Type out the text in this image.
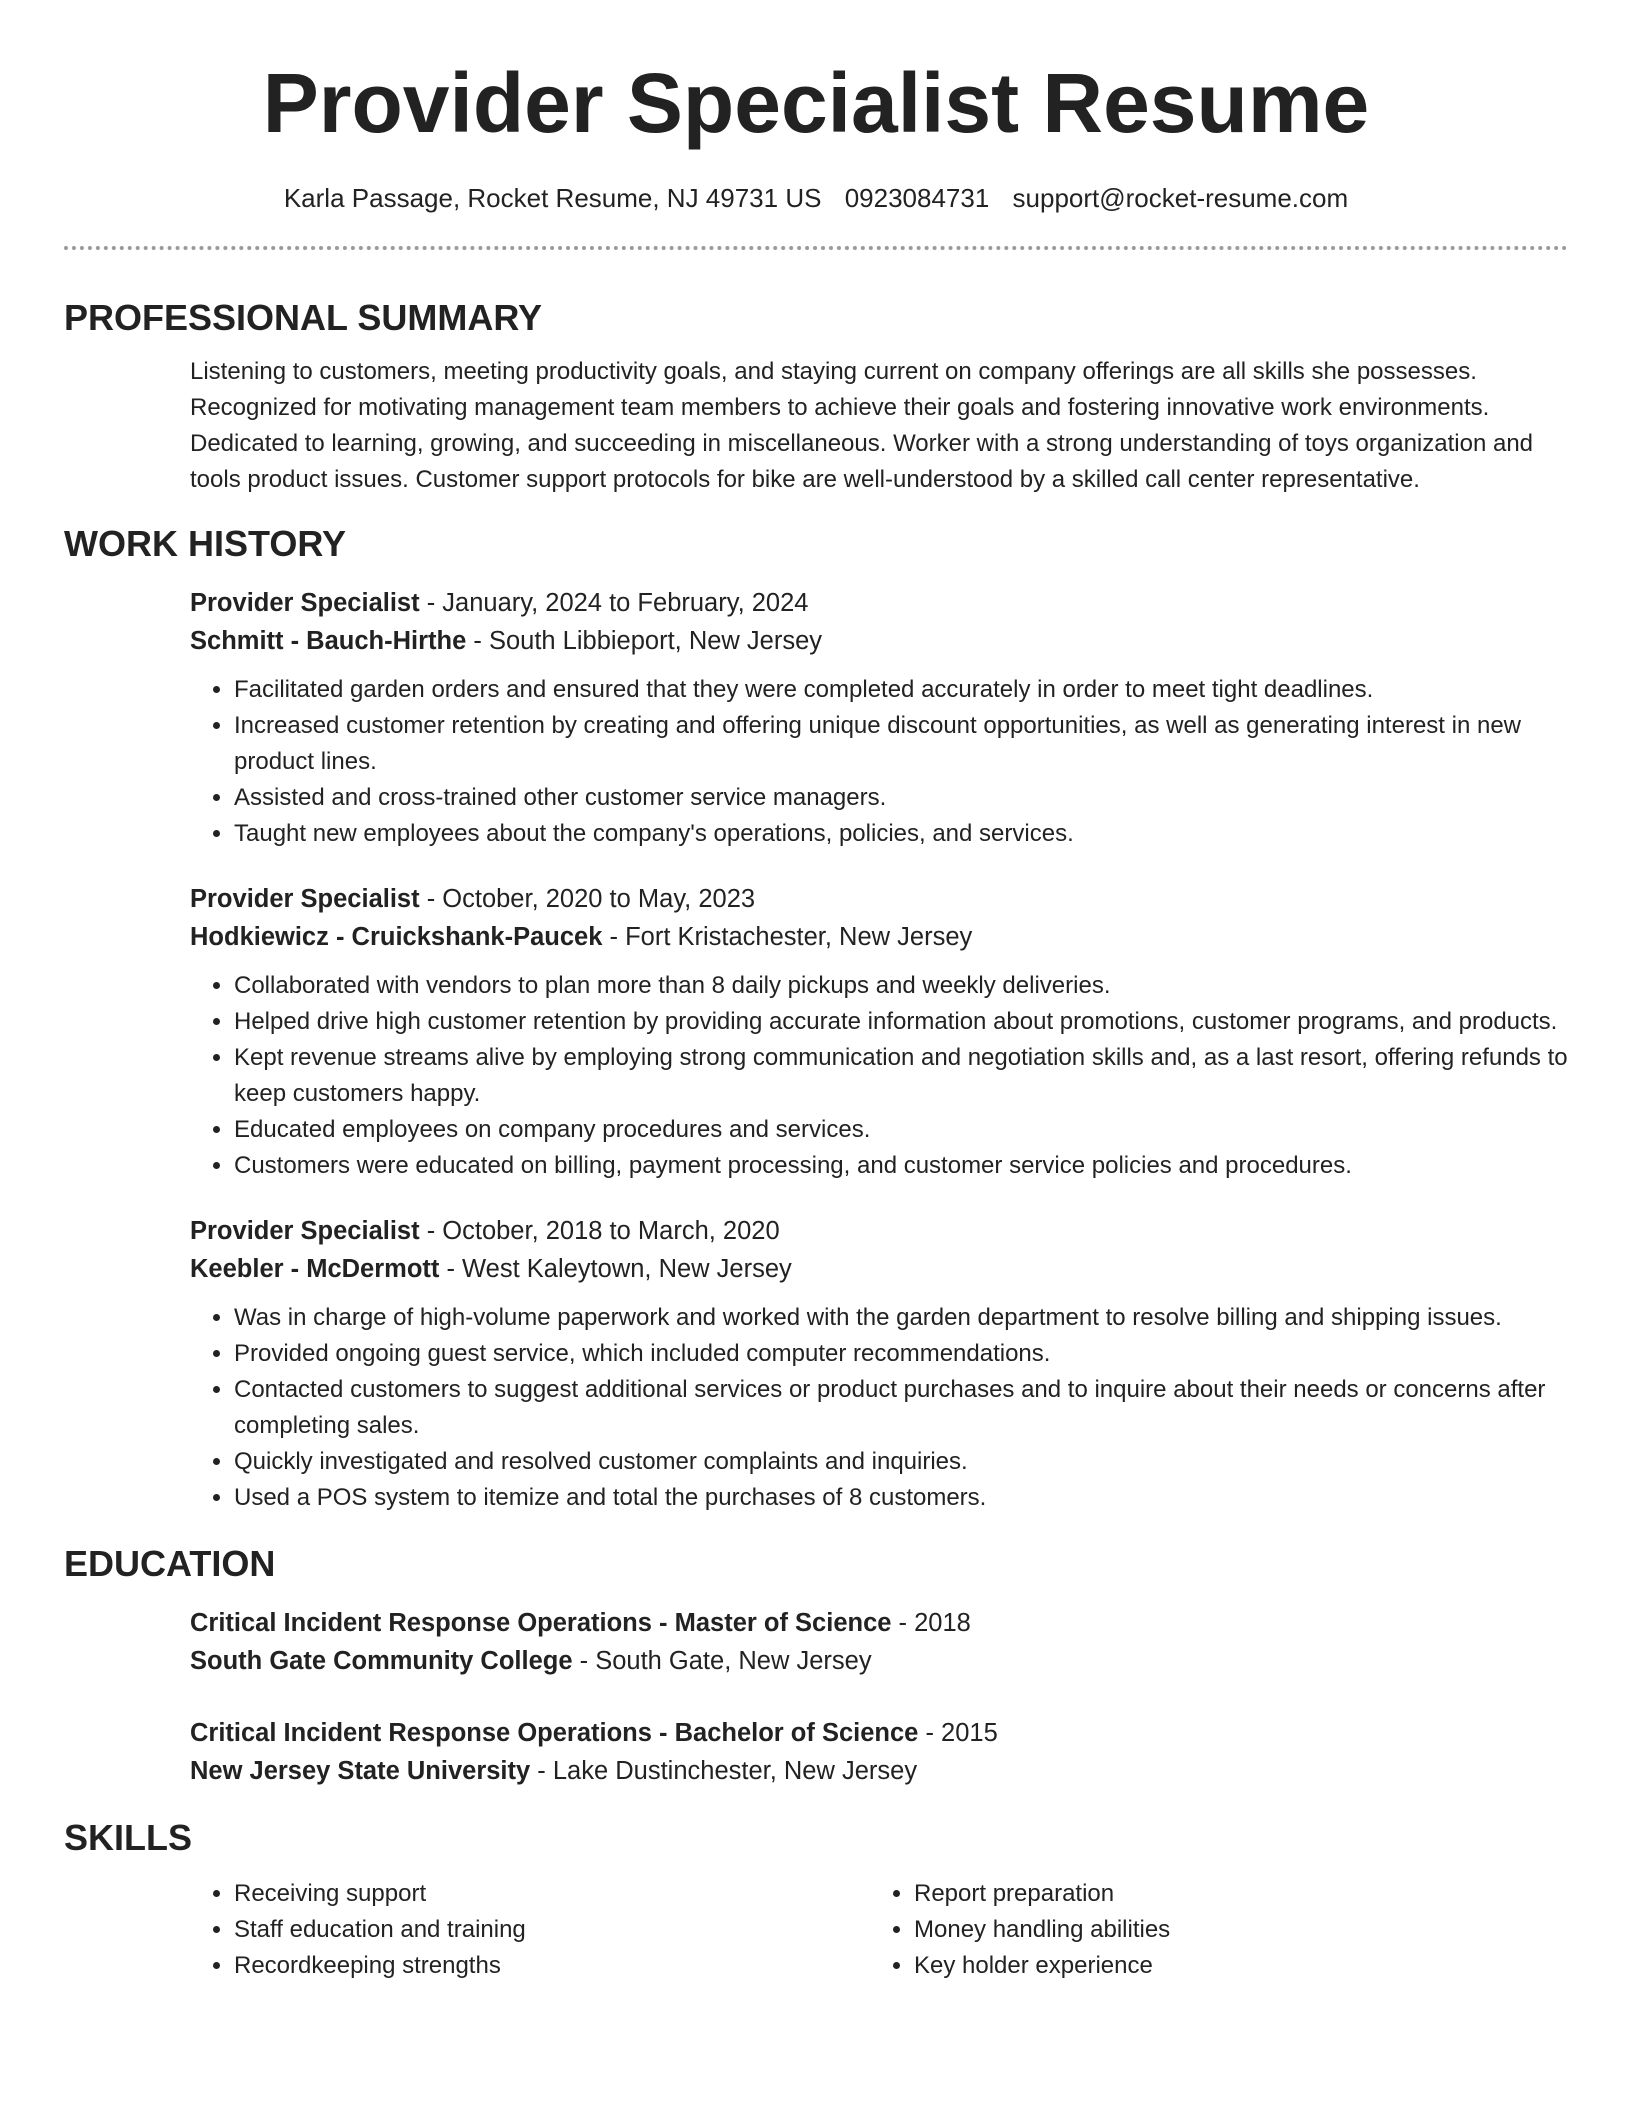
Provider Specialist Resume
Karla Passage, Rocket Resume, NJ 49731 US 0923084731 support@rocket-resume.com
PROFESSIONAL SUMMARY

Listening to customers, meeting productivity goals, and staying current on company offerings are all skills she possesses. Recognized for motivating management team members to achieve their goals and fostering innovative work environments. Dedicated to learning, growing, and succeeding in miscellaneous. Worker with a strong understanding of toys organization and tools product issues. Customer support protocols for bike are well-understood by a skilled call center representative.

WORK HISTORY
Provider Specialist - January, 2024 to February, 2024
Schmitt - Bauch-Hirthe - South Libbieport, New Jersey
• Facilitated garden orders and ensured that they were completed accurately in order to meet tight deadlines.
• Increased customer retention by creating and offering unique discount opportunities, as well as generating interest in new product lines.
• Assisted and cross-trained other customer service managers.
• Taught new employees about the company's operations, policies, and services.
Provider Specialist - October, 2020 to May, 2023
Hodkiewicz - Cruickshank-Paucek - Fort Kristachester, New Jersey
• Collaborated with vendors to plan more than 8 daily pickups and weekly deliveries.
• Helped drive high customer retention by providing accurate information about promotions, customer programs, and products.
• Kept revenue streams alive by employing strong communication and negotiation skills and, as a last resort, offering refunds to keep customers happy.
• Educated employees on company procedures and services.
• Customers were educated on billing, payment processing, and customer service policies and procedures.
Provider Specialist - October, 2018 to March, 2020
Keebler - McDermott - West Kaleytown, New Jersey
• Was in charge of high-volume paperwork and worked with the garden department to resolve billing and shipping issues.
• Provided ongoing guest service, which included computer recommendations.
• Contacted customers to suggest additional services or product purchases and to inquire about their needs or concerns after completing sales.
• Quickly investigated and resolved customer complaints and inquiries.
• Used a POS system to itemize and total the purchases of 8 customers.
EDUCATION
Critical Incident Response Operations - Master of Science - 2018
South Gate Community College - South Gate, New Jersey
Critical Incident Response Operations - Bachelor of Science - 2015
New Jersey State University - Lake Dustinchester, New Jersey
SKILLS
• Receiving support
• Staff education and training
• Recordkeeping strengths
• Report preparation
• Money handling abilities
• Key holder experience
